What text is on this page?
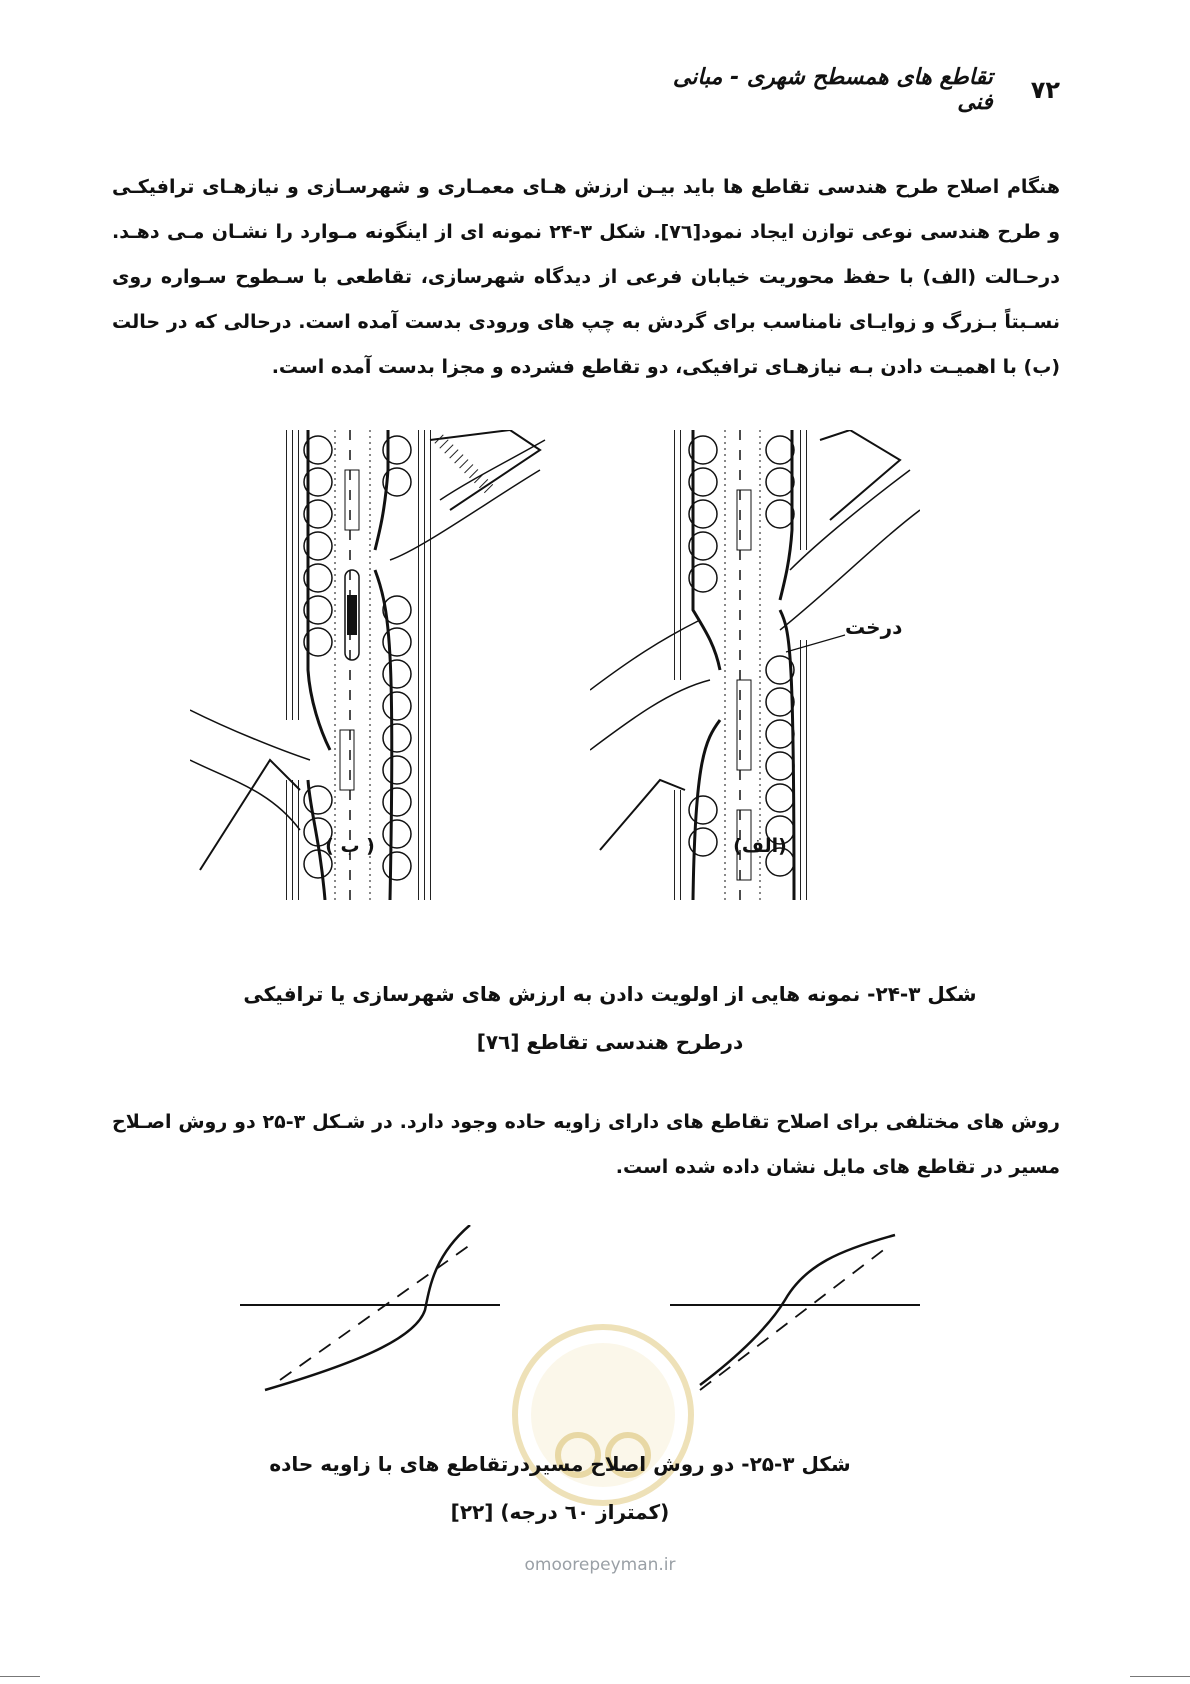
۷۲
تقاطع های همسطح شهری - مبانی فنی
هنگام اصلاح طرح هندسی تقاطع ها باید بیـن ارزش هـای معمـاری و شهرسـازی و نیازهـای ترافیکـی و طرح هندسی نوعی توازن ایجاد نمود[۷٦]. شکل ۳-۲۴ نمونه ای از اینگونه مـوارد را نشـان مـی دهـد. درحـالت (الف) با حفظ محوریت خیابان فرعی از دیدگاه شهرسازی، تقاطعی با سـطوح سـواره روی نسـبتاً بـزرگ و زوایـای نامناسب برای گردش به چپ های ورودی بدست آمده است. درحالی که در حالت (ب) با اهمیـت دادن بـه نیازهـای ترافیکی، دو تقاطع فشرده و مجزا بدست آمده است.
( ب )
درخت
(الف)
شکل ۳-۲۴- نمونه هایی از اولویت دادن به ارزش های شهرسازی یا ترافیکی
درطرح هندسی تقاطع [۷٦]
روش های مختلفی برای اصلاح تقاطع های دارای زاویه حاده وجود دارد. در شـکل ۳-۲۵ دو روش اصـلاح مسیر در تقاطع های مایل نشان داده شده است.
شکل ۳-۲۵- دو روش اصلاح مسیردرتقاطع های با زاویه حاده
(کمتراز ٦۰ درجه) [۲۲]
omoorepeyman.ir
